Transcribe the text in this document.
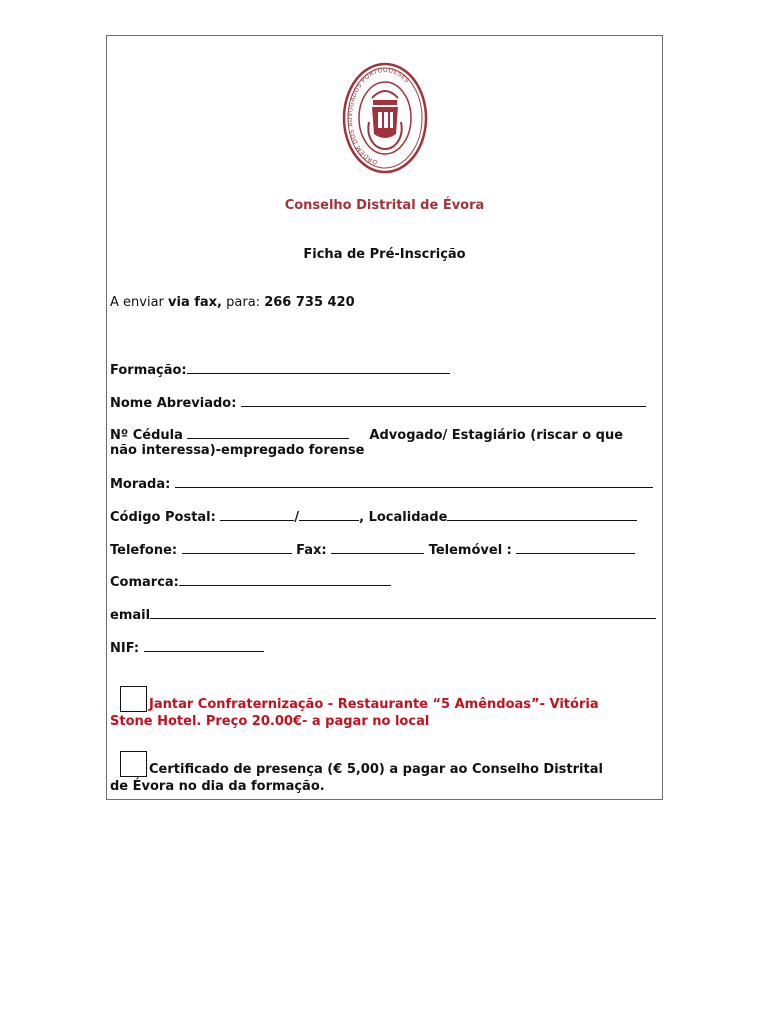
ORDEM DOS ADVOGADOS PORTUGUESES
Conselho Distrital de Évora
Ficha de Pré-Inscrição
A enviar via fax, para: 266 735 420
Formação:
Nome Abreviado:
Nº Cédula	Advogado/ Estagiário (riscar o que
não interessa)-empregado forense
Morada:
Código Postal:	/	, Localidade
Telefone:	Fax:	Telemóvel :
Comarca:
email
NIF:
Jantar Confraternização - Restaurante “5 Amêndoas”- Vitória
Stone Hotel. Preço 20.00€- a pagar no local
Certificado de presença (€ 5,00) a pagar ao Conselho Distrital
de Évora no dia da formação.
